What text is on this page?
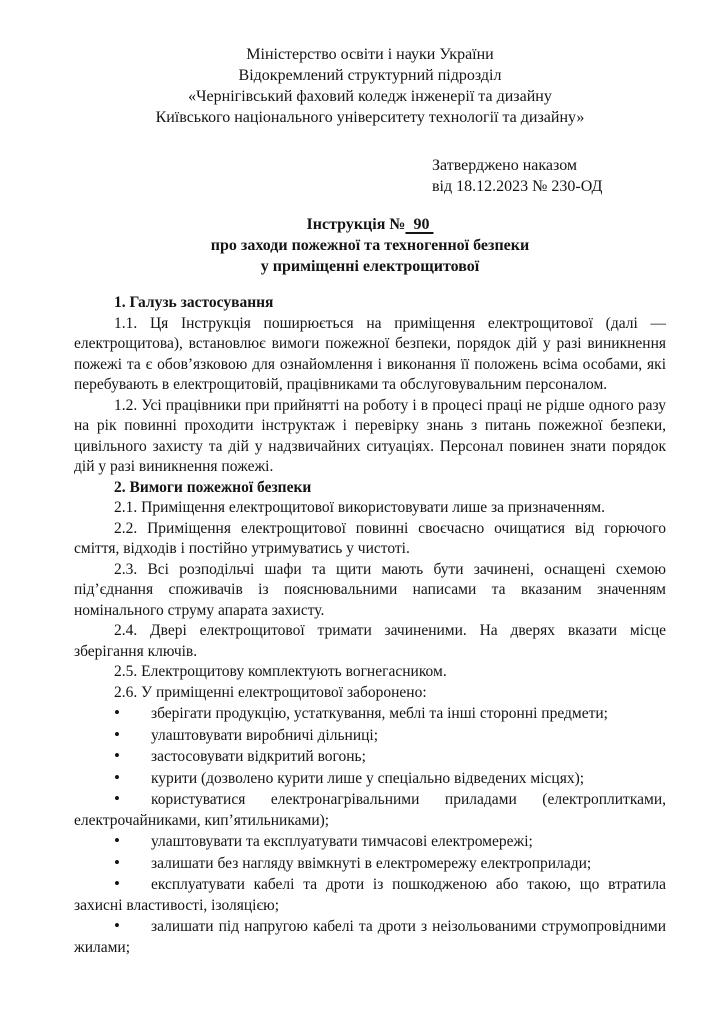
Міністерство освіти і науки України
Відокремлений структурний підрозділ
«Чернігівський фаховий коледж інженерії та дизайну
Київського національного університету технології та дизайну»
Затверджено наказом
від 18.12.2023 № 230-ОД
Інструкція №  90
про заходи пожежної та техногенної безпеки
у приміщенні електрощитової
1. Галузь застосування

1.1. Ця Інструкція поширюється на приміщення електрощитової (далі — електрощитова), встановлює вимоги пожежної безпеки, порядок дій у разі виникнення пожежі та є обов’язковою для ознайомлення і виконання її положень всіма особами, які перебувають в електрощитовій, працівниками та обслуговувальним персоналом.

1.2. Усі працівники при прийнятті на роботу і в процесі праці не рідше одного разу на рік повинні проходити інструктаж і перевірку знань з питань пожежної безпеки, цивільного захисту та дій у надзвичайних ситуаціях. Персонал повинен знати порядок дій у разі виникнення пожежі.

2. Вимоги пожежної безпеки

2.1. Приміщення електрощитової використовувати лише за призначенням.

2.2. Приміщення електрощитової повинні своєчасно очищатися від горючого сміття, відходів і постійно утримуватись у чистоті.

2.3. Всі розподільчі шафи та щити мають бути зачинені, оснащені схемою під’єднання споживачів із пояснювальними написами та вказаним значенням номінального струму апарата захисту.

2.4. Двері електрощитової тримати зачиненими. На дверях вказати місце зберігання ключів.

2.5. Електрощитову комплектують вогнегасником.

2.6. У приміщенні електрощитової заборонено:

• зберігати продукцію, устаткування, меблі та інші сторонні предмети;

• улаштовувати виробничі дільниці;

• застосовувати відкритий вогонь;

• курити (дозволено курити лише у спеціально відведених місцях);

• користуватися електронагрівальними приладами (електроплитками, електрочайниками, кип’ятильниками);

• улаштовувати та експлуатувати тимчасові електромережі;

• залишати без нагляду ввімкнуті в електромережу електроприлади;

• експлуатувати кабелі та дроти із пошкодженою або такою, що втратила захисні властивості, ізоляцією;

• залишати під напругою кабелі та дроти з неізольованими струмопровідними жилами;
